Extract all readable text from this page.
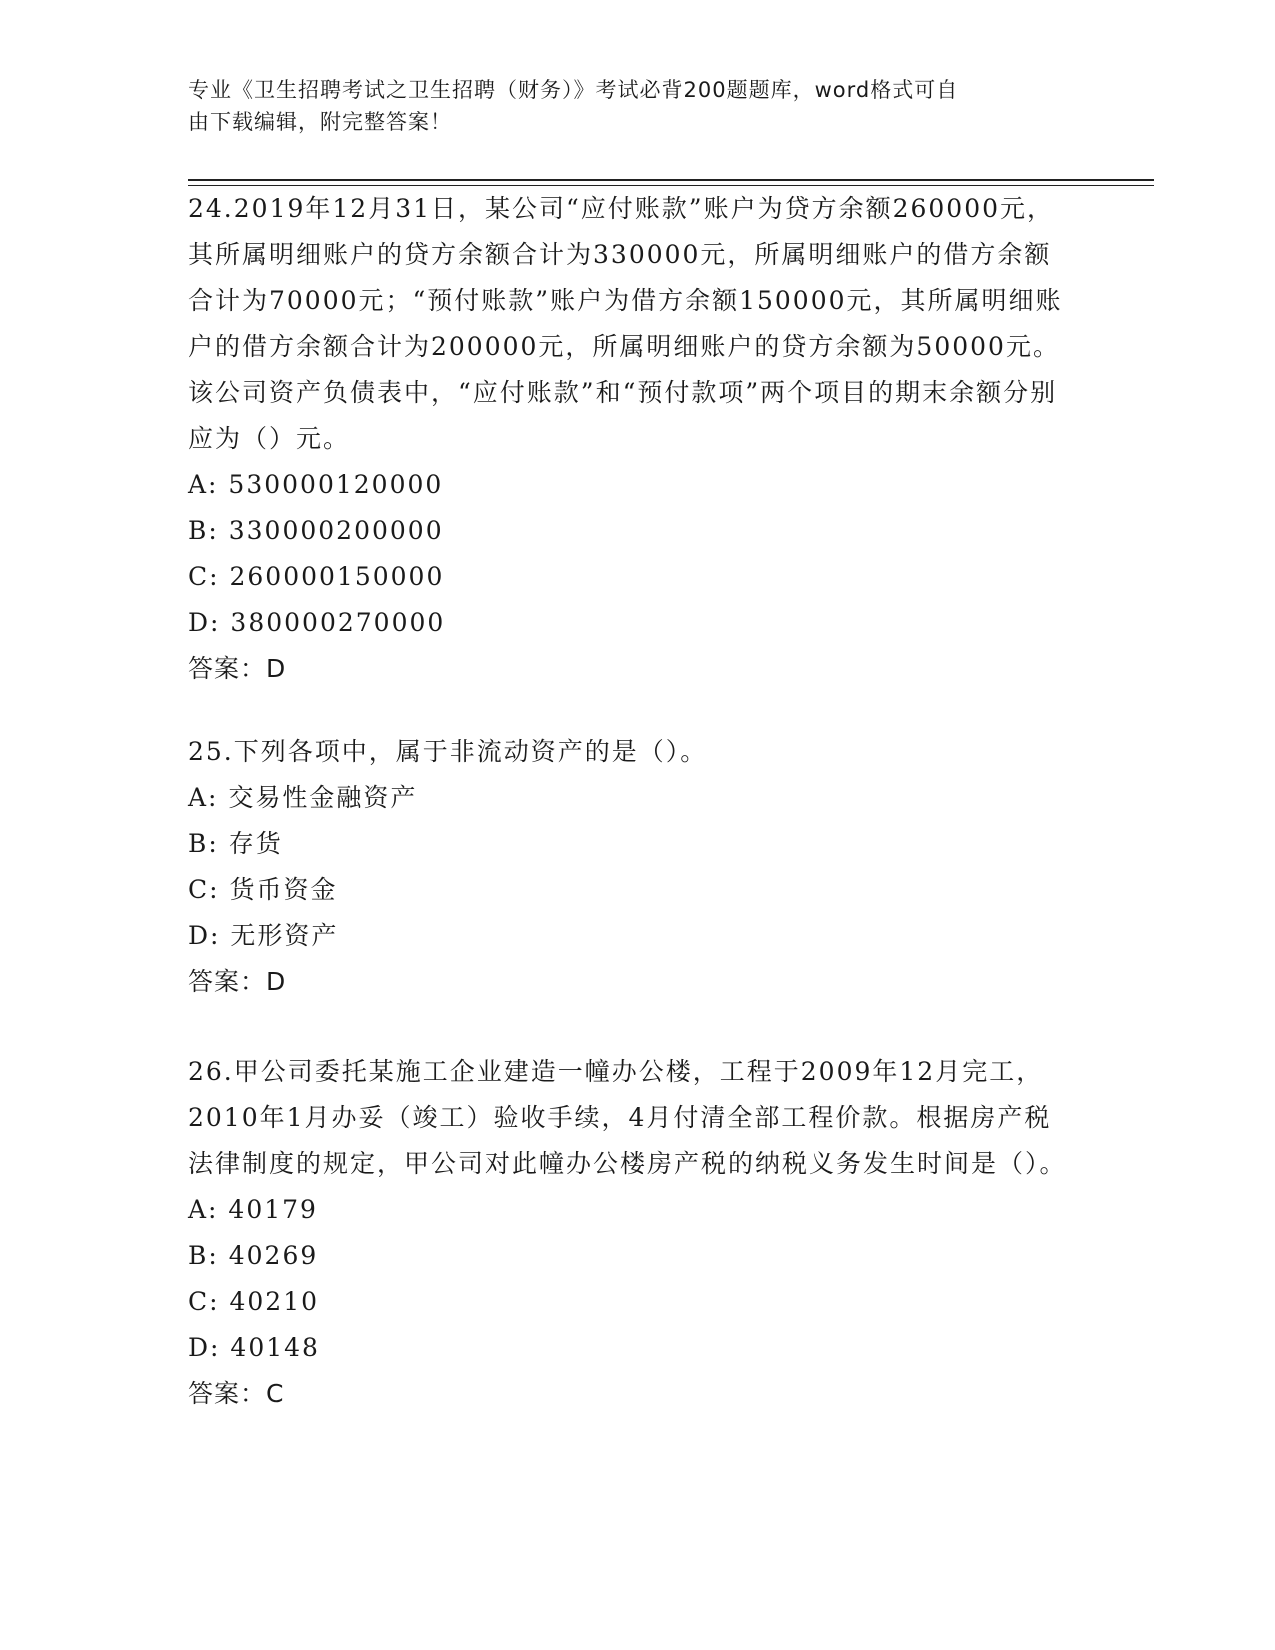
专业《卫生招聘考试之卫生招聘（财务）》考试必背200题题库，word格式可自
由下载编辑，附完整答案！

24.2019年12月31日，某公司“应付账款”账户为贷方余额260000元，其所属明细账户的贷方余额合计为330000元，所属明细账户的借方余额合计为70000元；“预付账款”账户为借方余额150000元，其所属明细账户的借方余额合计为200000元，所属明细账户的贷方余额为50000元。该公司资产负债表中，“应付账款”和“预付款项”两个项目的期末余额分别应为（）元。

A: 530000120000
B: 330000200000
C: 260000150000
D: 380000270000
答案：D

25.下列各项中，属于非流动资产的是（）。

A: 交易性金融资产
B: 存货
C: 货币资金
D: 无形资产
答案：D

26.甲公司委托某施工企业建造一幢办公楼，工程于2009年12月完工，2010年1月办妥（竣工）验收手续，4月付清全部工程价款。根据房产税法律制度的规定，甲公司对此幢办公楼房产税的纳税义务发生时间是（）。

A: 40179
B: 40269
C: 40210
D: 40148
答案：C
